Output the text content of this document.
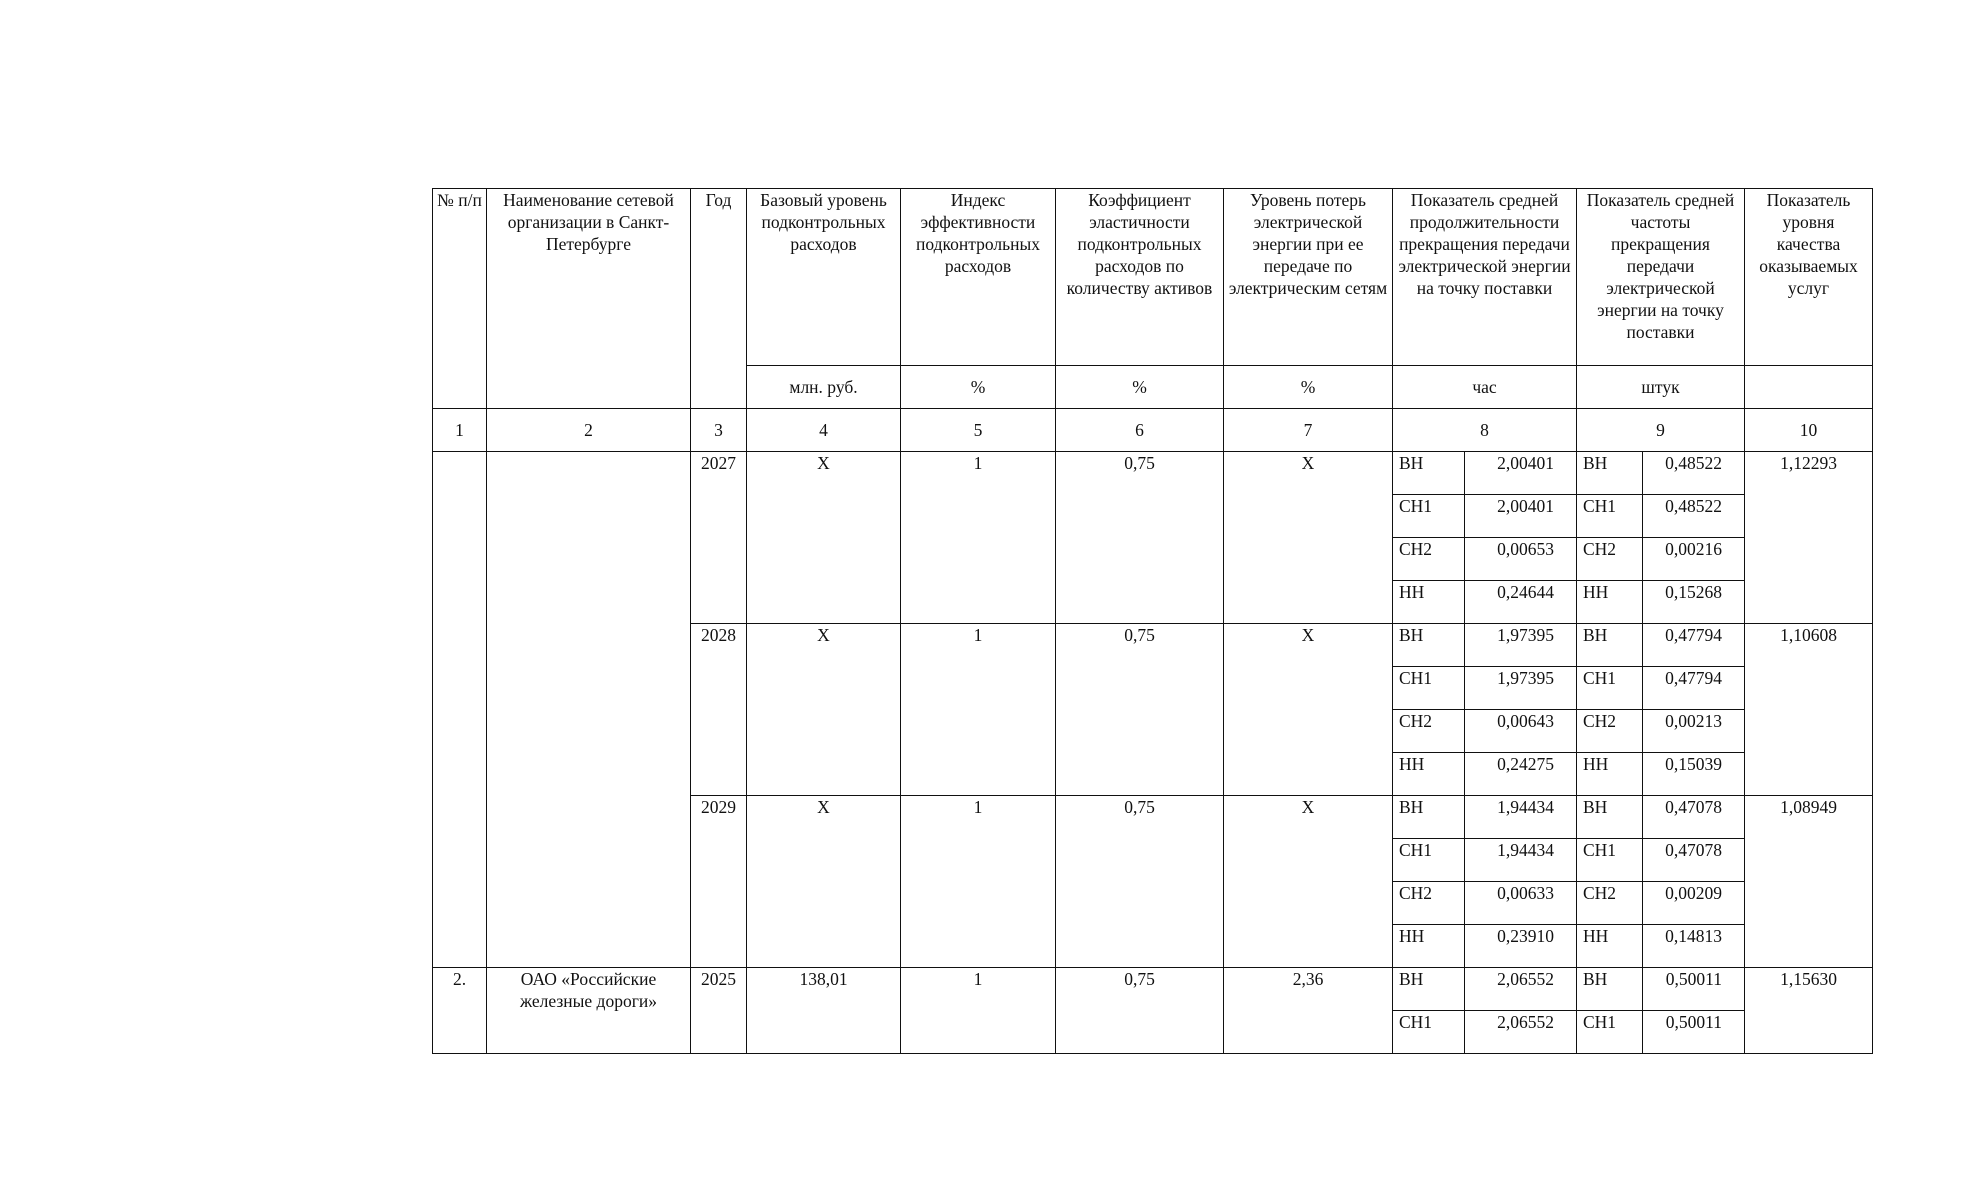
№ п/п	Наименование сетевой организации в Санкт-Петербурге	Год	Базовый уровень подконтрольных расходов	Индекс эффективности подконтрольных расходов	Коэффициент эластичности подконтрольных расходов по количеству активов	Уровень потерь электрической энергии при ее передаче по электрическим сетям	Показатель средней продолжительности прекращения передачи электрической энергии на точку поставки		Показатель средней частоты прекращения передачи электрической энергии на точку поставки		Показатель уровня качества оказываемых услуг
			млн. руб.	%	%	%	час		штук		
1	2	3	4	5	6	7	8		9		10
		2027	Х	1	0,75	Х	ВН	2,00401	ВН	0,48522	1,12293
							СН1	2,00401	СН1	0,48522	
							СН2	0,00653	СН2	0,00216	
							НН	0,24644	НН	0,15268	
		2028	Х	1	0,75	Х	ВН	1,97395	ВН	0,47794	1,10608
							СН1	1,97395	СН1	0,47794	
							СН2	0,00643	СН2	0,00213	
							НН	0,24275	НН	0,15039	
		2029	Х	1	0,75	Х	ВН	1,94434	ВН	0,47078	1,08949
							СН1	1,94434	СН1	0,47078	
							СН2	0,00633	СН2	0,00209	
							НН	0,23910	НН	0,14813	
2.	ОАО «Российские железные дороги»	2025	138,01	1	0,75	2,36	ВН	2,06552	ВН	0,50011	1,15630
							СН1	2,06552	СН1	0,50011	
